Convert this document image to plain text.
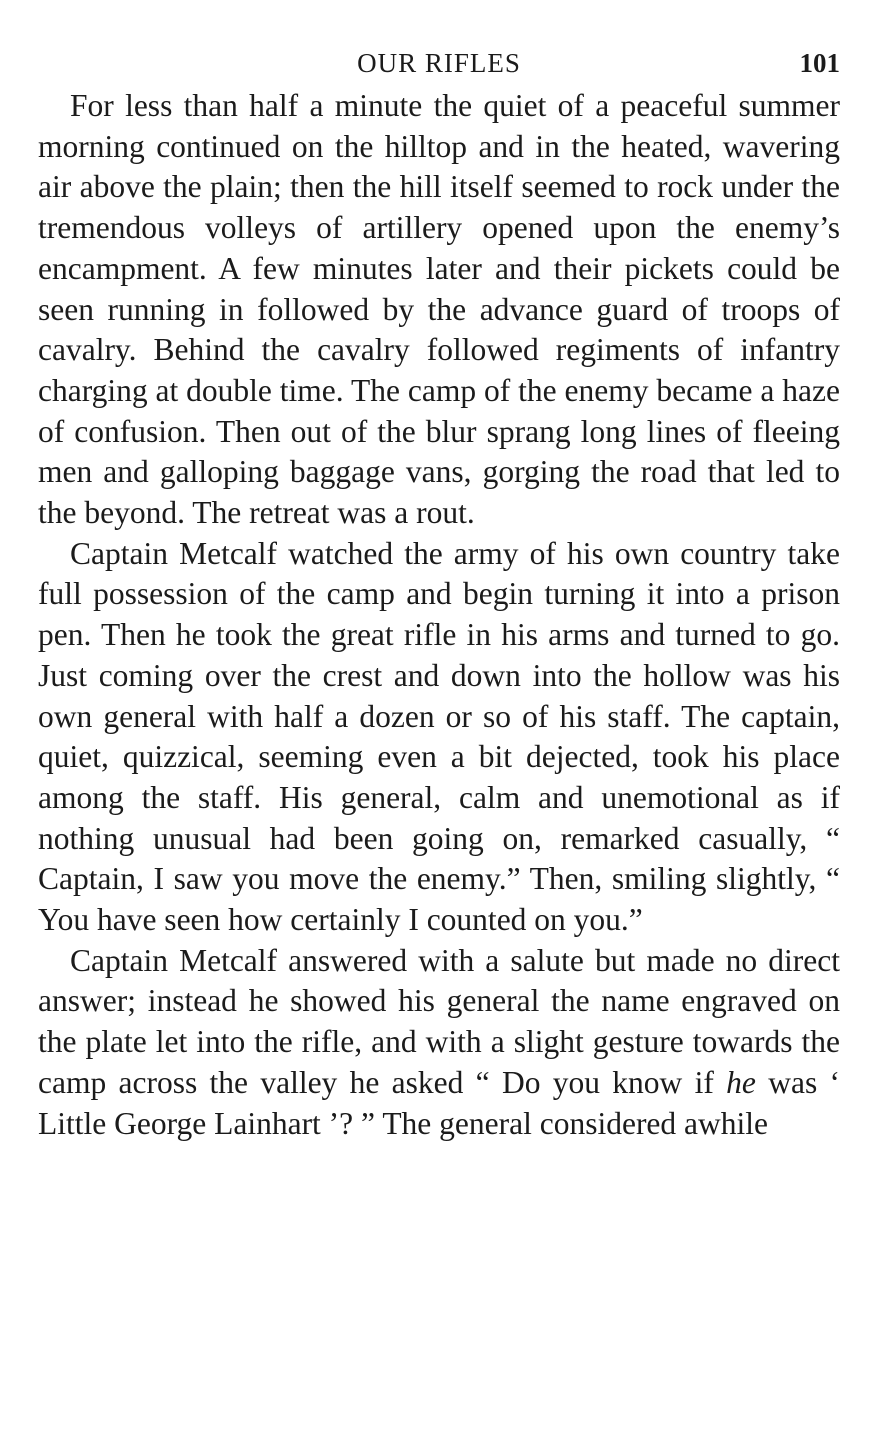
OUR RIFLES	101

For less than half a minute the quiet of a peaceful summer morning continued on the hilltop and in the heated, wavering air above the plain; then the hill itself seemed to rock under the tremendous volleys of artillery opened upon the enemy’s encampment. A few minutes later and their pickets could be seen running in followed by the advance guard of troops of cavalry. Behind the cavalry followed regiments of infantry charging at double time. The camp of the enemy became a haze of confusion. Then out of the blur sprang long lines of fleeing men and galloping baggage vans, gorging the road that led to the beyond. The retreat was a rout.

Captain Metcalf watched the army of his own country take full possession of the camp and begin turning it into a prison pen. Then he took the great rifle in his arms and turned to go. Just coming over the crest and down into the hollow was his own general with half a dozen or so of his staff. The captain, quiet, quizzical, seeming even a bit dejected, took his place among the staff. His general, calm and unemotional as if nothing unusual had been going on, remarked casually, “ Captain, I saw you move the enemy.” Then, smiling slightly, “ You have seen how certainly I counted on you.”

Captain Metcalf answered with a salute but made no direct answer; instead he showed his general the name engraved on the plate let into the rifle, and with a slight gesture towards the camp across the valley he asked “ Do you know if he was ‘ Little George Lainhart ’? ” The general considered awhile
